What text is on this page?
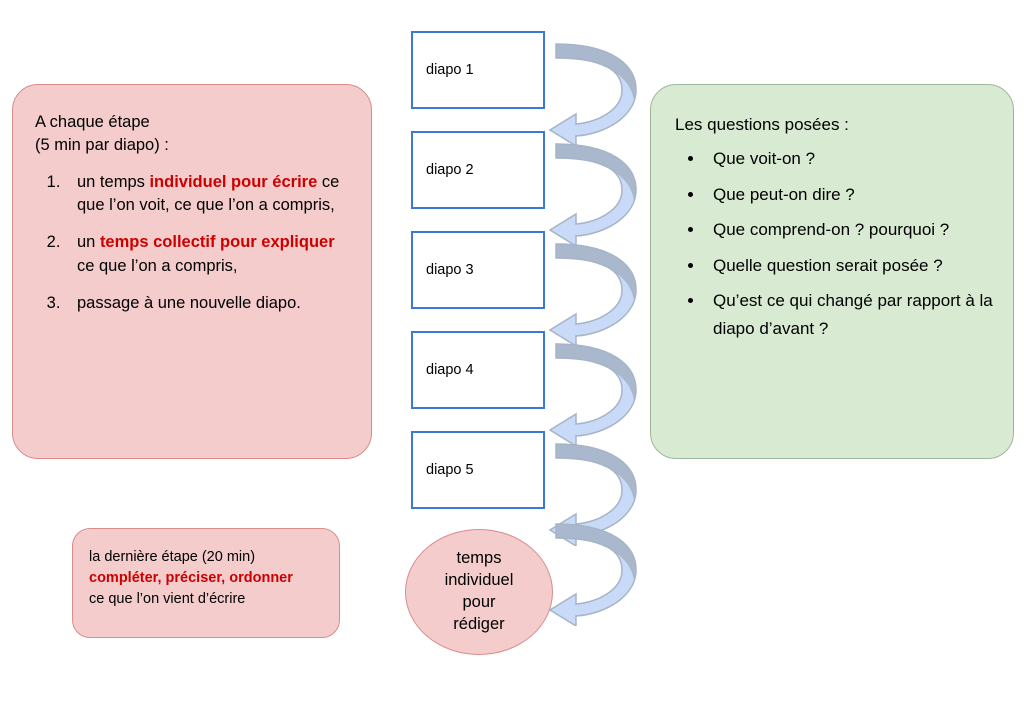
A chaque étape
(5 min par diapo) :

1. un temps individuel pour écrire ce que l’on voit, ce que l’on a compris,
2. un temps collectif pour expliquer ce que l’on a compris,
3. passage à une nouvelle diapo.
la dernière étape (20 min)
compléter, préciser, ordonner
ce que l’on vient d’écrire

Les questions posées :

• Que voit-on ?
• Que peut-on dire ?
• Que comprend-on ? pourquoi ?
• Quelle question serait posée ?
• Qu’est ce qui changé par rapport à la diapo d’avant ?
diapo 1
diapo 2
diapo 3
diapo 4
diapo 5
temps
individuel
pour
rédiger
